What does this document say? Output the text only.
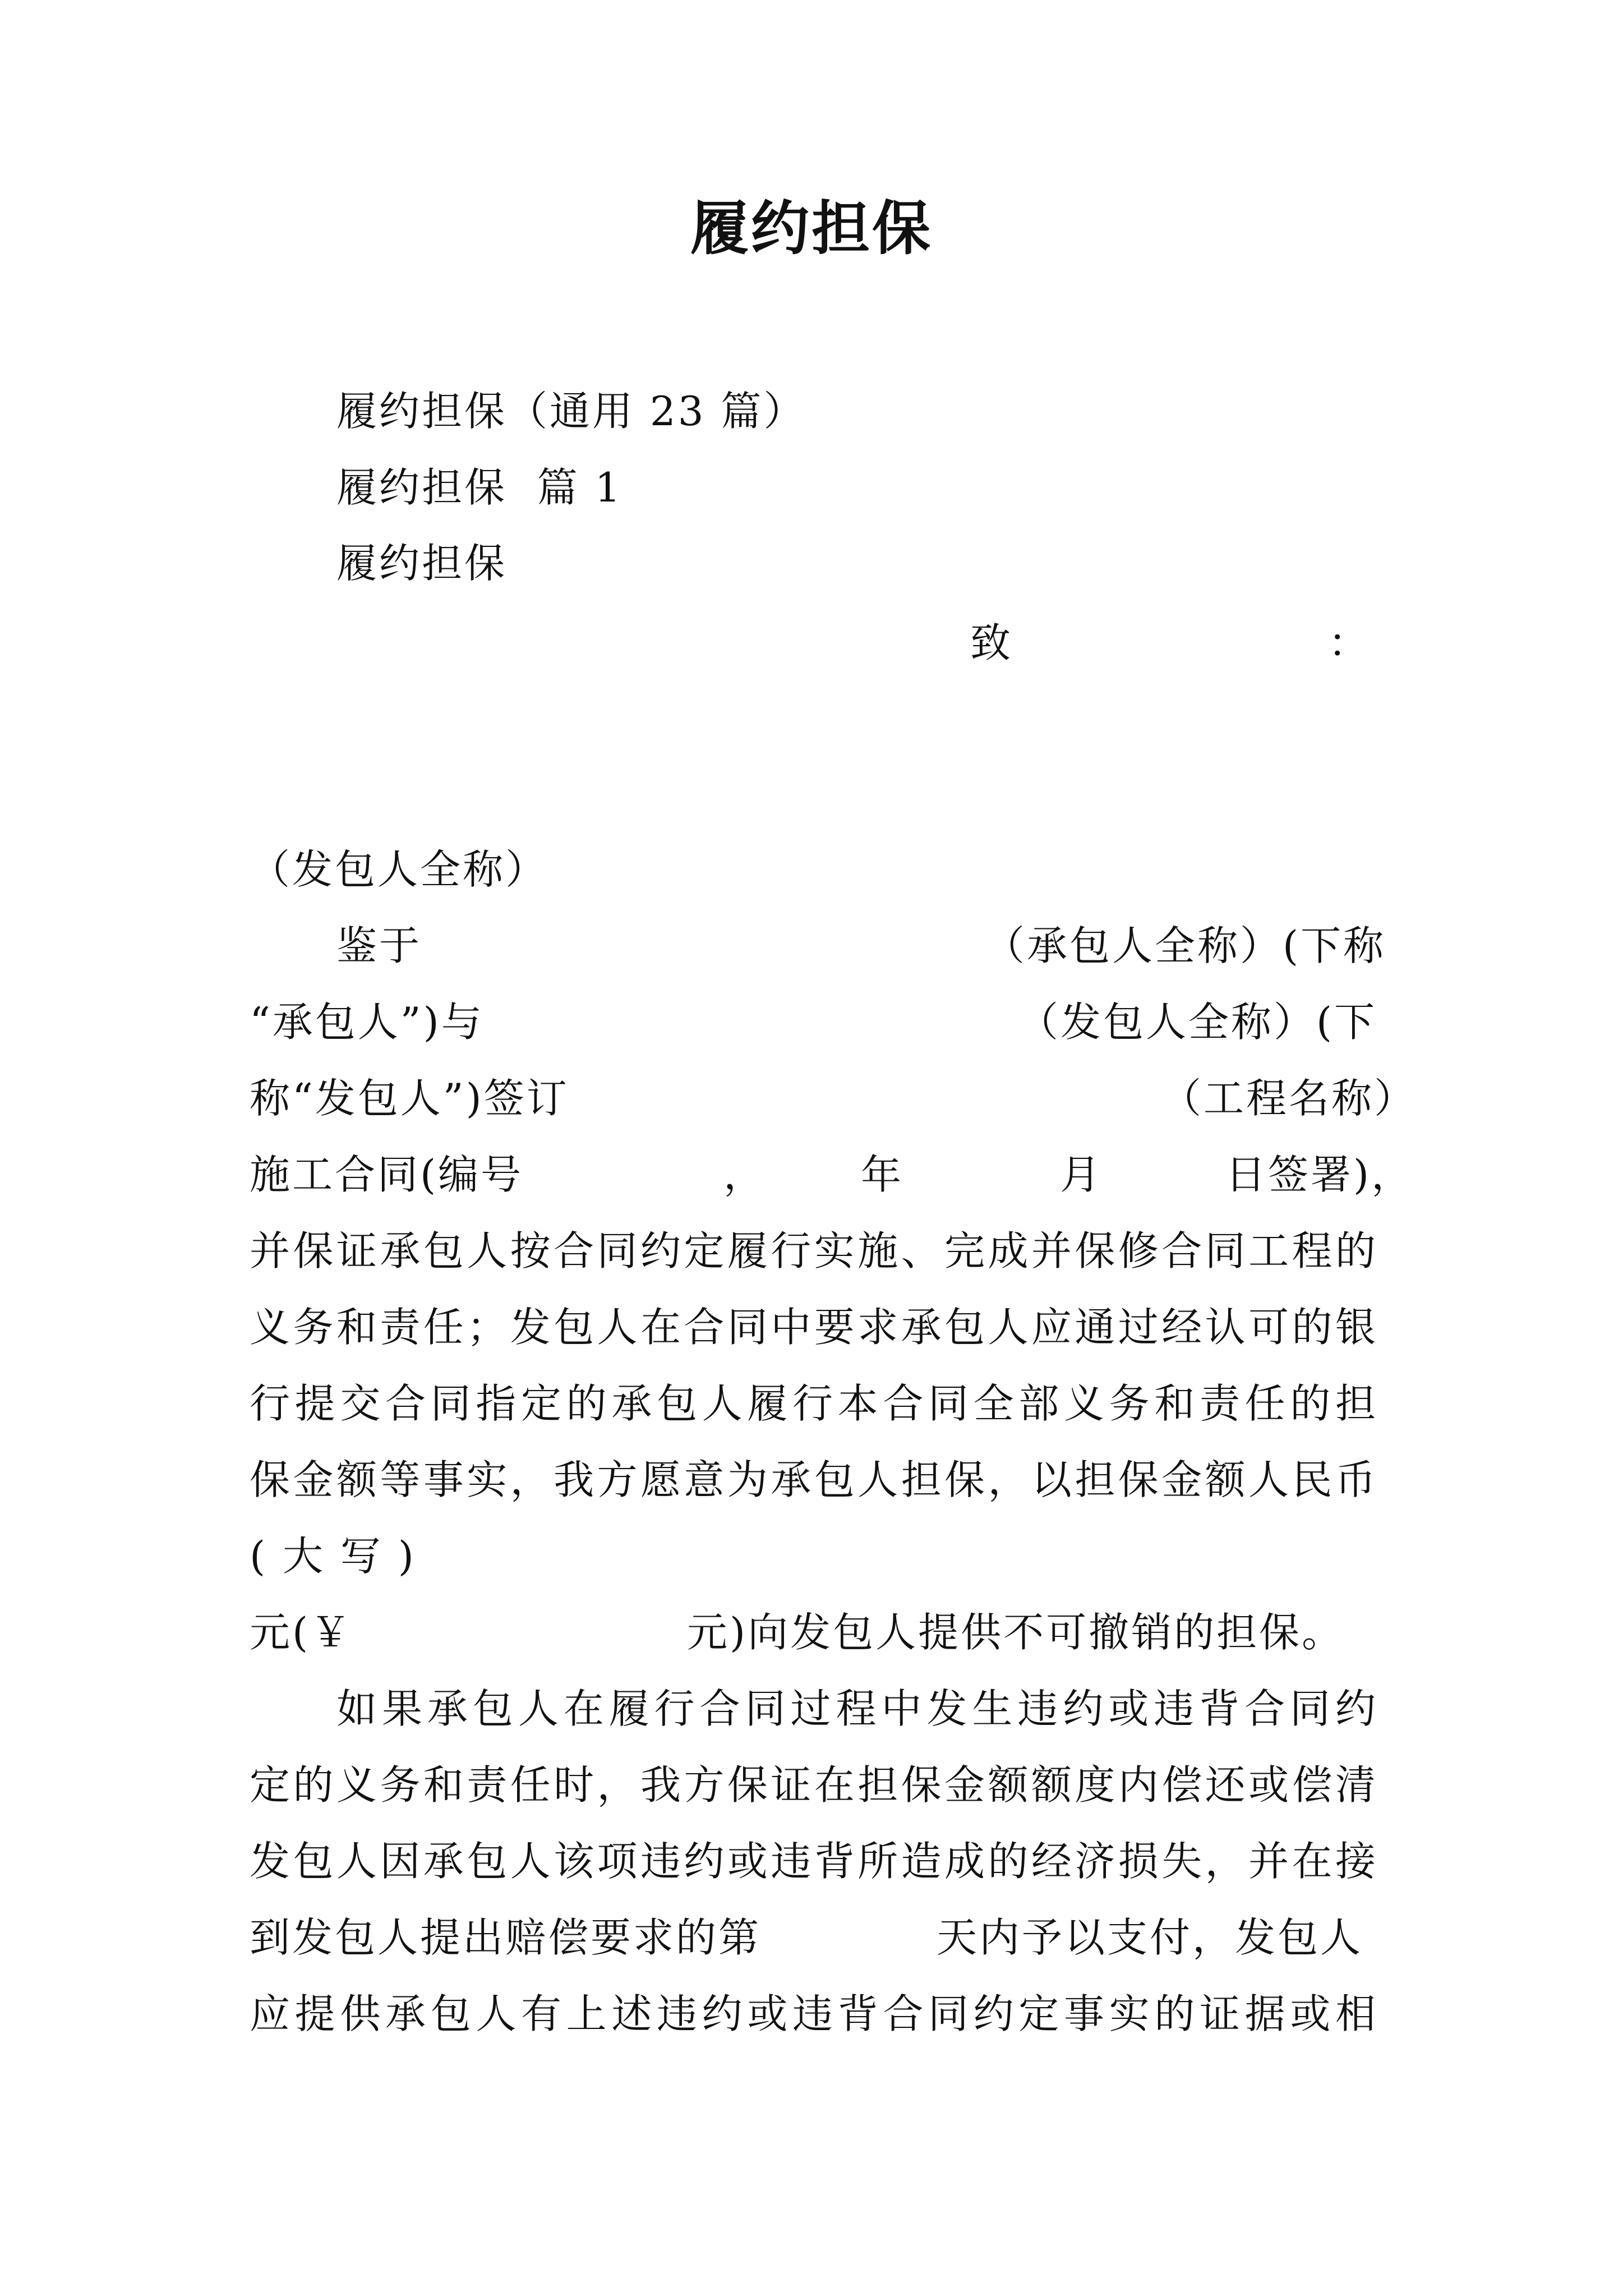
履约担保
履约担保（通用 23 篇）
履约担保  篇 1
履约担保
致	：
（发包人全称）
鉴于	（承包人全称）(下称
“承包人”)与	（发包人全称）(下
称“发包人”)签订	（工程名称）
施工合同(编号	， 年	月	日签署)，
并保证承包人按合同约定履行实施、完成并保修合同工程的
义务和责任；发包人在合同中要求承包人应通过经认可的银
行提交合同指定的承包人履行本合同全部义务和责任的担
保金额等事实，我方愿意为承包人担保，以担保金额人民币
( 大 写 )
元(￥	元)向发包人提供不可撤销的担保。
如果承包人在履行合同过程中发生违约或违背合同约
定的义务和责任时，我方保证在担保金额额度内偿还或偿清
发包人因承包人该项违约或违背所造成的经济损失，并在接
到发包人提出赔偿要求的第	天内予以支付，发包人
应提供承包人有上述违约或违背合同约定事实的证据或相
